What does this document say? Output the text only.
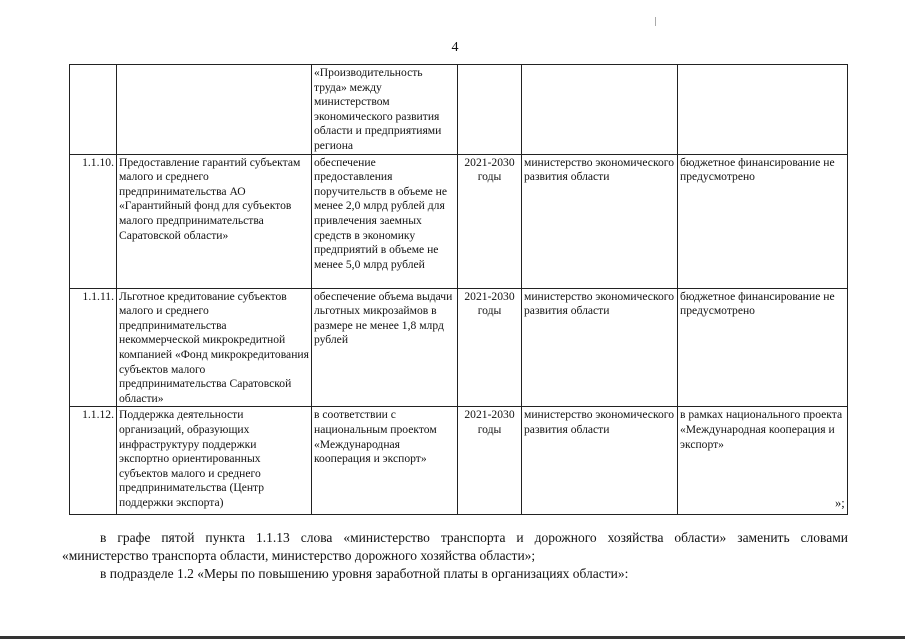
4
		«Производительность труда» между министерством экономического развития области и предприятиями региона			
1.1.10.	Предоставление гарантий субъектам малого и среднего предпринимательства АО «Гарантийный фонд для субъектов малого предпринимательства Саратовской области»	обеспечение предоставления поручительств в объеме не менее 2,0 млрд рублей для привлечения заемных средств в экономику предприятий в объеме не менее 5,0 млрд рублей	2021-2030 годы	министерство экономического развития области	бюджетное финансирование не предусмотрено
1.1.11.	Льготное кредитование субъектов малого и среднего предпринимательства некоммерческой микрокредитной компанией «Фонд микрокредитования субъектов малого предпринимательства Саратовской области»	обеспечение объема выдачи льготных микрозаймов в размере не менее 1,8 млрд рублей	2021-2030 годы	министерство экономического развития области	бюджетное финансирование не предусмотрено
1.1.12.	Поддержка деятельности организаций, образующих инфраструктуру поддержки экспортно ориентированных субъектов малого и среднего предпринимательства (Центр поддержки экспорта)	в соответствии с национальным проектом «Международная кооперация и экспорт»	2021-2030 годы	министерство экономического развития области	в рамках национального проекта «Международная кооперация и экспорт»
»;
в графе пятой пункта 1.1.13 слова «министерство транспорта и дорожного хозяйства области» заменить словами
«министерство транспорта области, министерство дорожного хозяйства области»;
в подразделе 1.2 «Меры по повышению уровня заработной платы в организациях области»:
